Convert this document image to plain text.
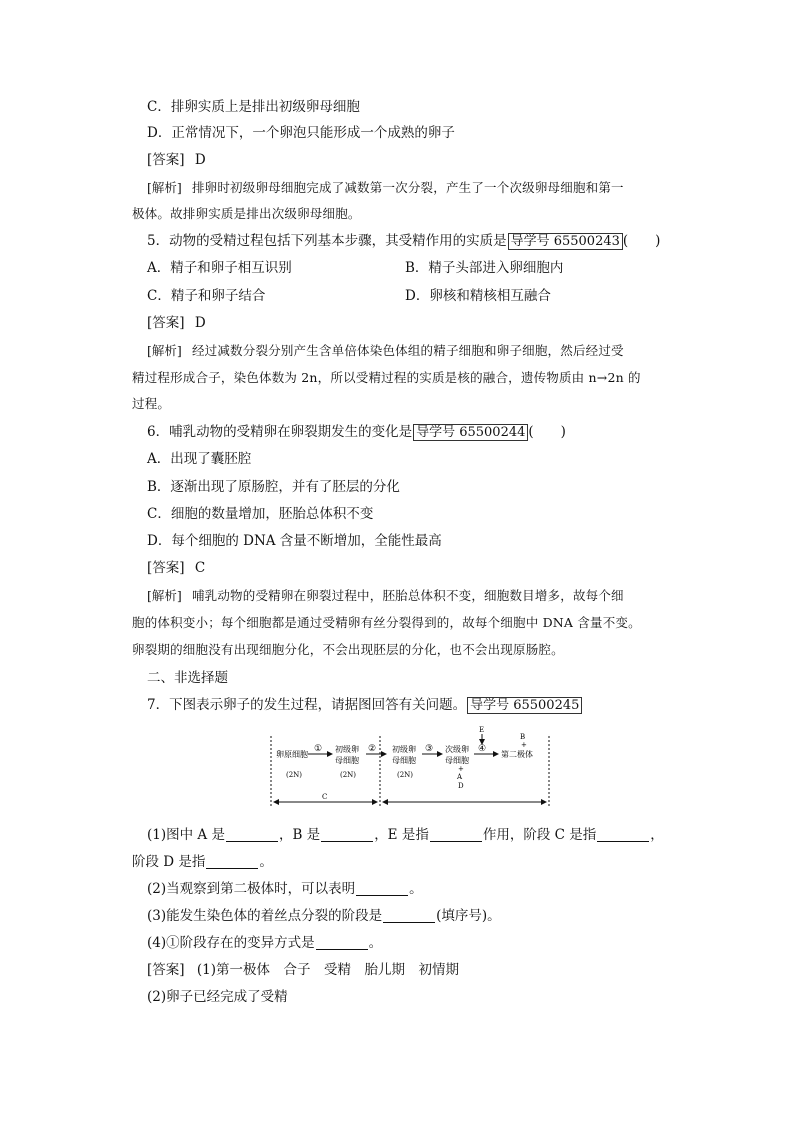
C．排卵实质上是排出初级卵母细胞
D．正常情况下，一个卵泡只能形成一个成熟的卵子
[答案] D
[解析] 排卵时初级卵母细胞完成了减数第一次分裂，产生了一个次级卵母细胞和第一
极体。故排卵实质是排出次级卵母细胞。
5．动物的受精过程包括下列基本步骤，其受精作用的实质是 导学号 65500243 (　　)
A．精子和卵子相互识别	B．精子头部进入卵细胞内
C．精子和卵子结合	D．卵核和精核相互融合
[答案] D
[解析] 经过减数分裂分别产生含单倍体染色体组的精子细胞和卵子细胞，然后经过受
精过程形成合子，染色体数为 2n，所以受精过程的实质是核的融合，遗传物质由 n→2n 的
过程。
6．哺乳动物的受精卵在卵裂期发生的变化是 导学号 65500244 (　　)
A．出现了囊胚腔
B．逐渐出现了原肠腔，并有了胚层的分化
C．细胞的数量增加，胚胎总体积不变
D．每个细胞的 DNA 含量不断增加，全能性最高
[答案] C
[解析] 哺乳动物的受精卵在卵裂过程中，胚胎总体积不变，细胞数目增多，故每个细
胞的体积变小；每个细胞都是通过受精卵有丝分裂得到的，故每个细胞中 DNA 含量不变。
卵裂期的细胞没有出现细胞分化，不会出现胚层的分化，也不会出现原肠腔。
二、非选择题
7．下图表示卵子的发生过程，请据图回答有关问题。 导学号 65500245
卵原细胞
(2N)
① 初级卵
母细胞
(2N)
② 初级卵
母细胞
(2N)
③ 次级卵
母细胞
+
A
E
④
B
+
第二极体
C
D
(1)图中 A 是	，B 是	，E 是指	作用，阶段 C 是指	，
阶段 D 是指	。
(2)当观察到第二极体时，可以表明	。
(3)能发生染色体的着丝点分裂的阶段是	(填序号)。
(4)①阶段存在的变异方式是	。
[答案] (1)第一极体　合子　受精　胎儿期　初情期
(2)卵子已经完成了受精
